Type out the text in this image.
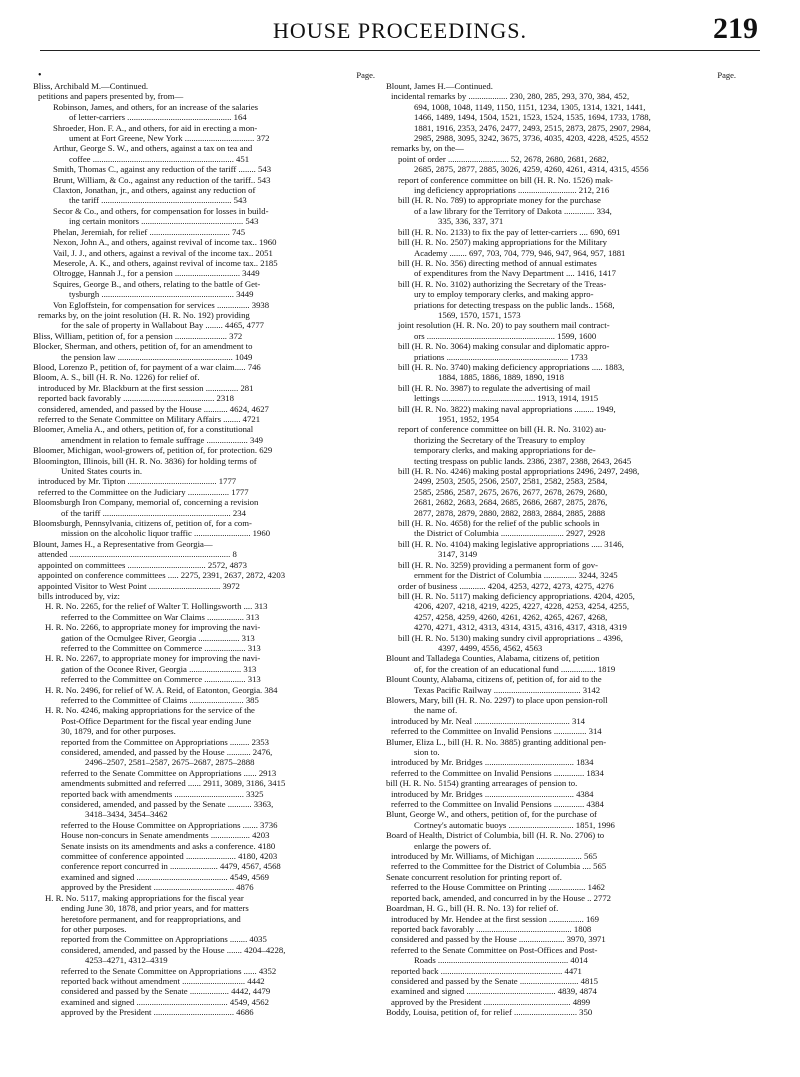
HOUSE PROCEEDINGS.	219
•	Page.
Bliss, Archibald M.—Continued.
petitions and papers presented by, from—
Robinson, James, and others, for an increase of the salaries
of letter-carriers ................................................ 164
Shroeder, Hon. F. A., and others, for aid in erecting a mon-
ument at Fort Greene, New York ................................ 372
Arthur, George S. W., and others, against a tax on tea and
coffee ................................................................. 451
Smith, Thomas C., against any reduction of the tariff ........ 543
Brunt, William, & Co., against any reduction of the tariff.. 543
Claxton, Jonathan, jr., and others, against any reduction of
the tariff ............................................................ 543
Secor & Co., and others, for compensation for losses in build-
ing certain monitors ............................................... 543
Phelan, Jeremiah, for relief ..................................... 745
Nexon, John A., and others, against revival of income tax.. 1960
Vail, J. J., and others, against a revival of the income tax.. 2051
Meserole, A. K., and others, against revival of income tax.. 2185
Oltrogge, Hannah J., for a pension .............................. 3449
Squires, George B., and others, relating to the battle of Get-
tysburgh ............................................................. 3449
Von Egloffstein, for compensation for services ............... 3938
remarks by, on the joint resolution (H. R. No. 192) providing
for the sale of property in Wallabout Bay ........ 4465, 4777
Bliss, William, petition of, for a pension ........................ 372
Blocker, Sherman, and others, petition of, for an amendment to
the pension law ..................................................... 1049
Blood, Lorenzo P., petition of, for payment of a war claim..... 746
Bloom, A. S., bill (H. R. No. 1226) for relief of.
introduced by Mr. Blackburn at the first session ............... 281
reported back favorably .......................................... 2318
considered, amended, and passed by the House ........... 4624, 4627
referred to the Senate Committee on Military Affairs ........ 4721
Bloomer, Amelia A., and others, petition of, for a constitutional
amendment in relation to female suffrage ................... 349
Bloomer, Michigan, wool-growers of, petition of, for protection. 629
Bloomington, Illinois, bill (H. R. No. 3836) for holding terms of
United States courts in.
introduced by Mr. Tipton ......................................... 1777
referred to the Committee on the Judiciary ................... 1777
Bloomsburgh Iron Company, memorial of, concerning a revision
of the tariff ........................................................... 234
Bloomsburgh, Pennsylvania, citizens of, petition of, for a com-
mission on the alcoholic liquor traffic .......................... 1960
Blount, James H., a Representative from Georgia—
attended .......................................................................... 8
appointed on committees .................................... 2572, 4873
appointed on conference committees ..... 2275, 2391, 2637, 2872, 4203
appointed Visitor to West Point ................................. 3972
bills introduced by, viz:
H. R. No. 2265, for the relief of Walter T. Hollingsworth .... 313
referred to the Committee on War Claims ................. 313
H. R. No. 2266, to appropriate money for improving the navi-
gation of the Ocmulgee River, Georgia ................... 313
referred to the Committee on Commerce ................... 313
H. R. No. 2267, to appropriate money for improving the navi-
gation of the Oconee River, Georgia ........................ 313
referred to the Committee on Commerce ................... 313
H. R. No. 2496, for relief of W. A. Reid, of Eatonton, Georgia. 384
referred to the Committee of Claims ......................... 385
H. R. No. 4246, making appropriations for the service of the
Post-Office Department for the fiscal year ending June
30, 1879, and for other purposes.
reported from the Committee on Appropriations ......... 2353
considered, amended, and passed by the House ........... 2476,
2496–2507, 2581–2587, 2675–2687, 2875–2888
referred to the Senate Committee on Appropriations ...... 2913
amendments submitted and referred ...... 2911, 3089, 3186, 3415
reported back with amendments ................................ 3325
considered, amended, and passed by the Senate ........... 3363,
3418–3434, 3454–3462
referred to the House Committee on Appropriations ....... 3736
House non-concurs in Senate amendments .................. 4203
Senate insists on its amendments and asks a conference. 4180
committee of conference appointed ....................... 4180, 4203
conference report concurred in ...................... 4479, 4567, 4568
examined and signed .......................................... 4549, 4569
approved by the President ..................................... 4876
H. R. No. 5117, making appropriations for the fiscal year
ending June 30, 1878, and prior years, and for matters
heretofore permanent, and for reappropriations, and
for other purposes.
reported from the Committee on Appropriations ........ 4035
considered, amended, and passed by the House ....... 4204–4228,
4253–4271, 4312–4319
referred to the Senate Committee on Appropriations ...... 4352
reported back without amendment ............................. 4442
considered and passed by the Senate .................. 4442, 4479
examined and signed .......................................... 4549, 4562
approved by the President ..................................... 4686
Page.
Blount, James H.—Continued.
incidental remarks by .................. 230, 280, 285, 293, 370, 384, 452,
694, 1008, 1048, 1149, 1150, 1151, 1234, 1305, 1314, 1321, 1441,
1466, 1489, 1494, 1504, 1521, 1523, 1524, 1535, 1694, 1733, 1788,
1881, 1916, 2353, 2476, 2477, 2493, 2515, 2873, 2875, 2907, 2984,
2985, 2988, 3095, 3242, 3675, 3736, 4035, 4203, 4228, 4525, 4552
remarks by, on the—
point of order ............................ 52, 2678, 2680, 2681, 2682,
2685, 2875, 2877, 2885, 3026, 4259, 4260, 4261, 4314, 4315, 4556
report of conference committee on bill (H. R. No. 1526) mak-
ing deficiency appropriations ........................... 212, 216
bill (H. R. No. 789) to appropriate money for the purchase
of a law library for the Territory of Dakota .............. 334,
335, 336, 337, 371
bill (H. R. No. 2133) to fix the pay of letter-carriers .... 690, 691
bill (H. R. No. 2507) making appropriations for the Military
Academy ........ 697, 703, 704, 779, 946, 947, 964, 957, 1881
bill (H. R. No. 356) directing method of annual estimates
of expenditures from the Navy Department .... 1416, 1417
bill (H. R. No. 3102) authorizing the Secretary of the Treas-
ury to employ temporary clerks, and making appro-
priations for detecting trespass on the public lands.. 1568,
1569, 1570, 1571, 1573
joint resolution (H. R. No. 20) to pay southern mail contract-
ors ........................................................... 1599, 1600
bill (H. R. No. 3064) making consular and diplomatic appro-
priations ........................................................ 1733
bill (H. R. No. 3740) making deficiency appropriations ..... 1883,
1884, 1885, 1886, 1889, 1890, 1918
bill (H. R. No. 3987) to regulate the advertising of mail
lettings ........................................... 1913, 1914, 1915
bill (H. R. No. 3822) making naval appropriations ......... 1949,
1951, 1952, 1954
report of conference committee on bill (H. R. No. 3102) au-
thorizing the Secretary of the Treasury to employ
temporary clerks, and making appropriations for de-
tecting trespass on public lands. 2386, 2387, 2388, 2643, 2645
bill (H. R. No. 4246) making postal appropriations 2496, 2497, 2498,
2499, 2503, 2505, 2506, 2507, 2581, 2582, 2583, 2584,
2585, 2586, 2587, 2675, 2676, 2677, 2678, 2679, 2680,
2681, 2682, 2683, 2684, 2685, 2686, 2687, 2875, 2876,
2877, 2878, 2879, 2880, 2882, 2883, 2884, 2885, 2888
bill (H. R. No. 4658) for the relief of the public schools in
the District of Columbia ............................. 2927, 2928
bill (H. R. No. 4104) making legislative appropriations ..... 3146,
3147, 3149
bill (H. R. No. 3259) providing a permanent form of gov-
ernment for the District of Columbia ............... 3244, 3245
order of business ............ 4204, 4253, 4272, 4273, 4275, 4276
bill (H. R. No. 5117) making deficiency appropriations. 4204, 4205,
4206, 4207, 4218, 4219, 4225, 4227, 4228, 4253, 4254, 4255,
4257, 4258, 4259, 4260, 4261, 4262, 4265, 4267, 4268,
4270, 4271, 4312, 4313, 4314, 4315, 4316, 4317, 4318, 4319
bill (H. R. No. 5130) making sundry civil appropriations .. 4396,
4397, 4499, 4556, 4562, 4563
Blount and Talladega Counties, Alabama, citizens of, petition
of, for the creation of an educational fund ................ 1819
Blount County, Alabama, citizens of, petition of, for aid to the
Texas Pacific Railway ........................................ 3142
Blowers, Mary, bill (H. R. No. 2297) to place upon pension-roll
the name of.
introduced by Mr. Neal ............................................ 314
referred to the Committee on Invalid Pensions ............... 314
Blumer, Eliza L., bill (H. R. No. 3885) granting additional pen-
sion to.
introduced by Mr. Bridges ......................................... 1834
referred to the Committee on Invalid Pensions .............. 1834
bill (H. R. No. 5154) granting arrearages of pension to.
introduced by Mr. Bridges ......................................... 4384
referred to the Committee on Invalid Pensions .............. 4384
Blunt, George W., and others, petition of, for the purchase of
Cortney's automatic buoys .............................. 1851, 1996
Board of Health, District of Columbia, bill (H. R. No. 2706) to
enlarge the powers of.
introduced by Mr. Williams, of Michigan ..................... 565
referred to the Committee for the District of Columbia .... 565
Senate concurrent resolution for printing report of.
referred to the House Committee on Printing ................. 1462
reported back, amended, and concurred in by the House .. 2772
Boardman, H. G., bill (H. R. No. 13) for relief of.
introduced by Mr. Hendee at the first session ................ 169
reported back favorably ............................................ 1808
considered and passed by the House ..................... 3970, 3971
referred to the Senate Committee on Post-Offices and Post-
Roads ............................................................ 4014
reported back ........................................................ 4471
considered and passed by the Senate ........................... 4815
examined and signed ......................................... 4839, 4874
approved by the President ........................................ 4899
Boddy, Louisa, petition of, for relief ............................. 350
